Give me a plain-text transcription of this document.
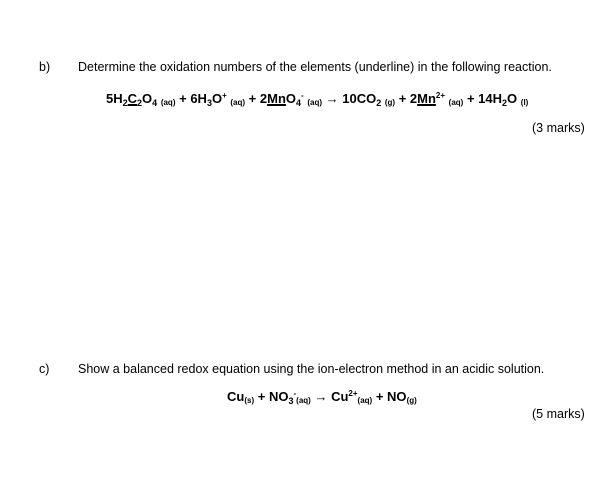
b) Determine the oxidation numbers of the elements (underline) in the following reaction.
$5H_2C_2O_4$ $(aq) + 6H_3O^+$ (aq) + 2MnO$_4$- $(aq) \to 10CO_2$ $(g) + 2Mn^{2+}$ $(aq) + 14H_2O$ (l)
(3 marks)
c) Show a balanced redox equation using the ion-electron method in an acidic solution.
$Cu(s) + NO_3^-(aq) \to Cu^{2+}(aq) + NO(g)$
(5 marks)
